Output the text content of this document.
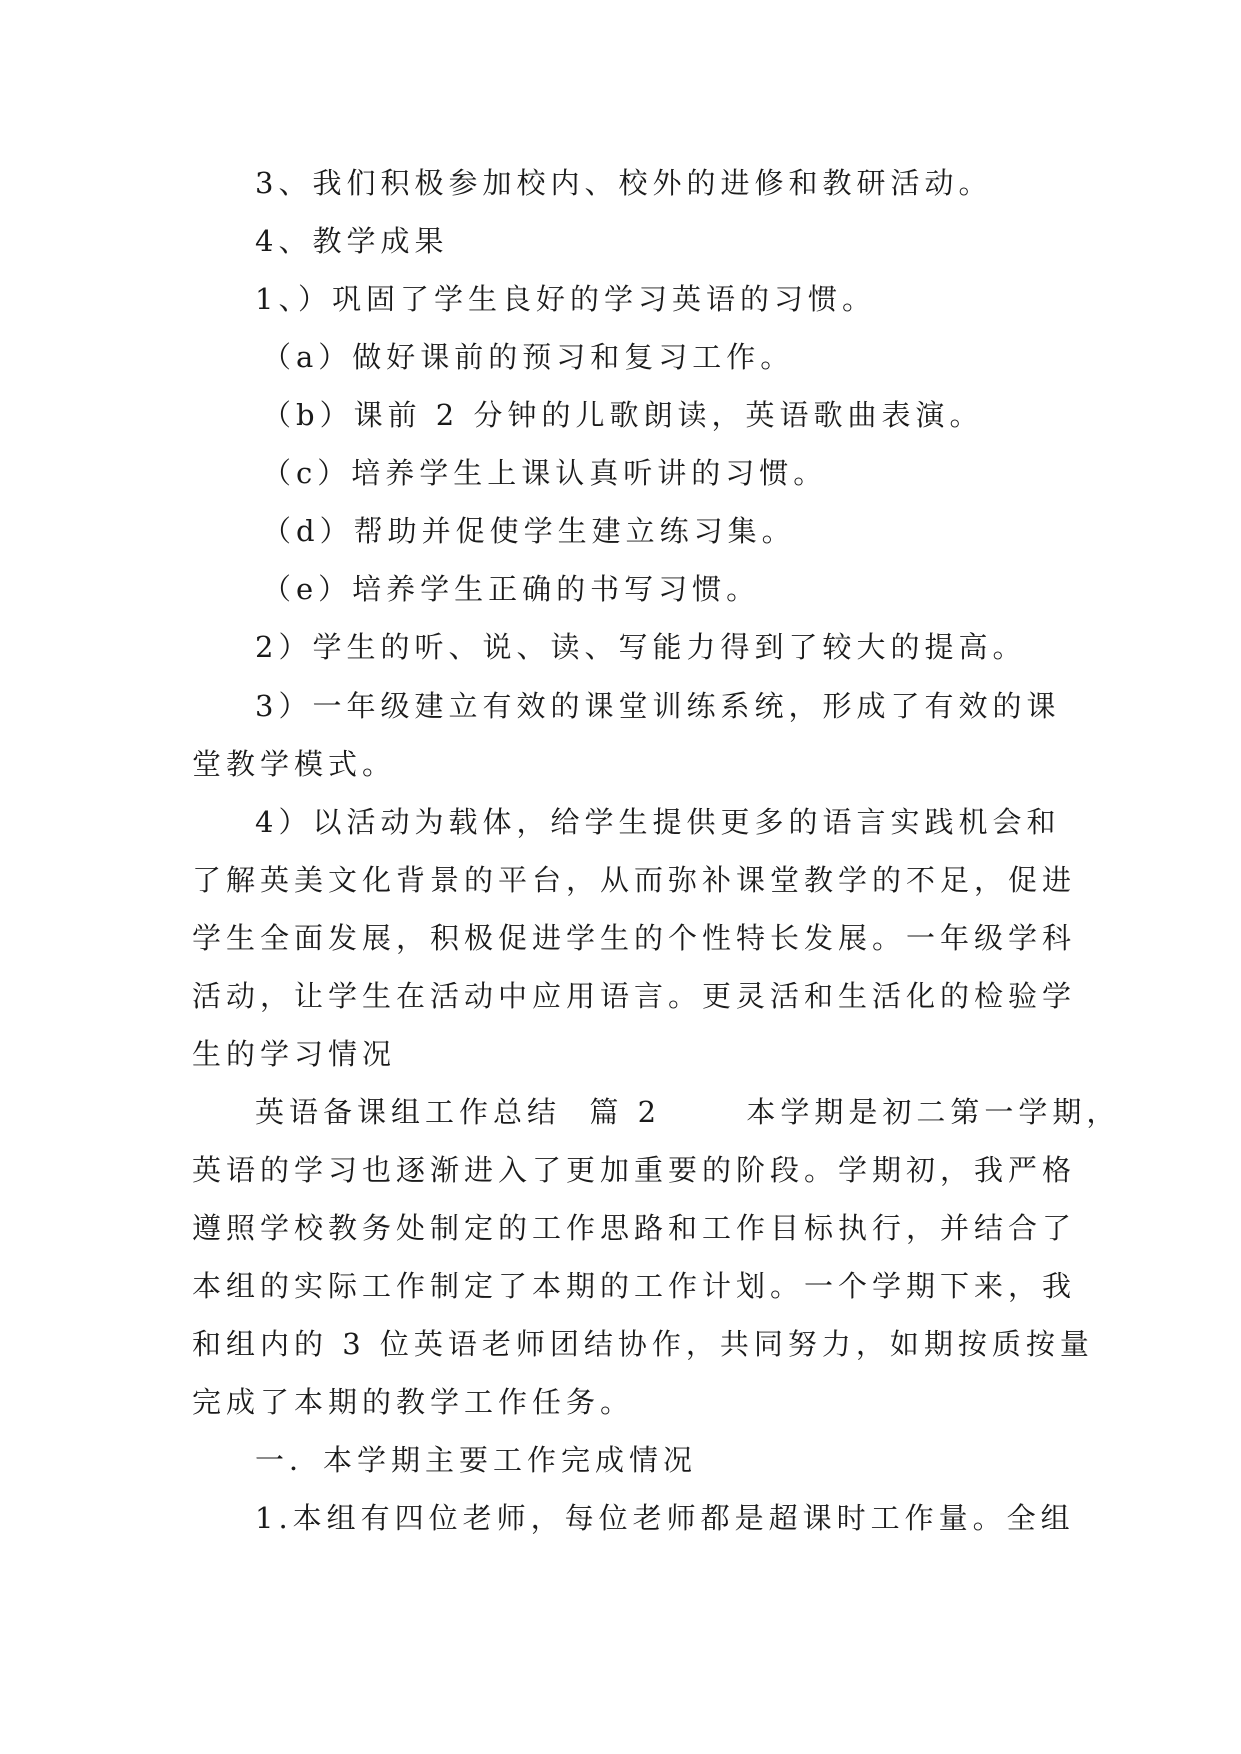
3、我们积极参加校内、校外的进修和教研活动。
4、教学成果
1、）巩固了学生良好的学习英语的习惯。
（a）做好课前的预习和复习工作。
（b）课前 2 分钟的儿歌朗读，英语歌曲表演。
（c）培养学生上课认真听讲的习惯。
（d）帮助并促使学生建立练习集。
（e）培养学生正确的书写习惯。
2）学生的听、说、读、写能力得到了较大的提高。
3）一年级建立有效的课堂训练系统，形成了有效的课
堂教学模式。
4）以活动为载体，给学生提供更多的语言实践机会和
了解英美文化背景的平台，从而弥补课堂教学的不足，促进
学生全面发展，积极促进学生的个性特长发展。一年级学科
活动，让学生在活动中应用语言。更灵活和生活化的检验学
生的学习情况
英语备课组工作总结  篇 2      本学期是初二第一学期，
英语的学习也逐渐进入了更加重要的阶段。学期初，我严格
遵照学校教务处制定的工作思路和工作目标执行，并结合了
本组的实际工作制定了本期的工作计划。一个学期下来，我
和组内的 3 位英语老师团结协作，共同努力，如期按质按量
完成了本期的教学工作任务。
一．本学期主要工作完成情况
1.本组有四位老师，每位老师都是超课时工作量。全组
